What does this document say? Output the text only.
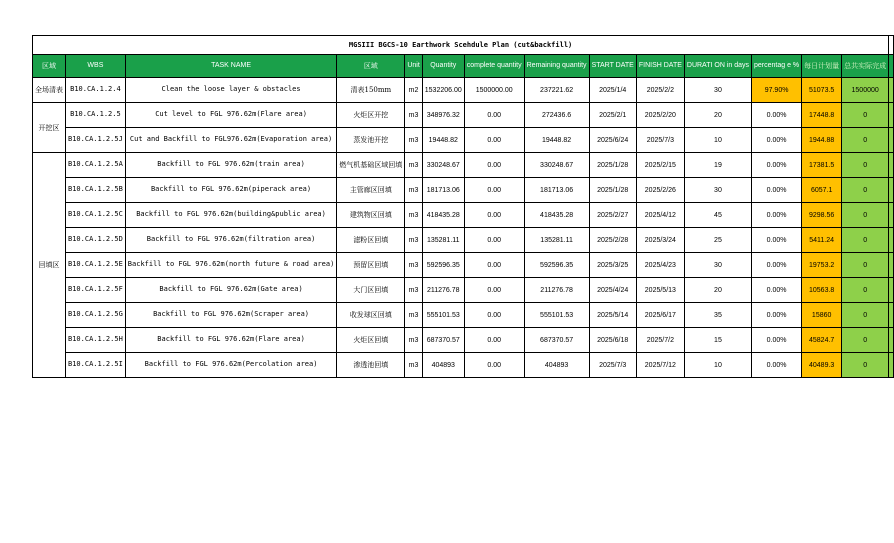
MGSIII BGCS-10 Earthwork Scehdule Plan (cut&backfill)														
区域	WBS	TASK NAME	区域	Unit	Quantity	complete quantity	Remaining quantity	START DATE	FINISH DATE	DURATI ON in days	percentag e %	每日计划量	总共实际完成	
全场清表	B10.CA.1.2.4	Clean the loose layer & obstacles	清表150mm	m2	1532206.00	1500000.00	237221.62	2025/1/4	2025/2/2	30	97.90%	51073.5	1500000	
开挖区	B10.CA.1.2.5	Cut level to FGL 976.62m(Flare area)	火炬区开挖	m3	348976.32	0.00	272436.6	2025/2/1	2025/2/20	20	0.00%	17448.8	0	
	B10.CA.1.2.5J	Cut and Backfill to FGL976.62m(Evaporation area)	蒸发池开挖	m3	19448.82	0.00	19448.82	2025/6/24	2025/7/3	10	0.00%	1944.88	0	
回填区	B10.CA.1.2.5A	Backfill to FGL 976.62m(train area)	燃气机基础区域回填	m3	330248.67	0.00	330248.67	2025/1/28	2025/2/15	19	0.00%	17381.5	0	
	B10.CA.1.2.5B	Backfill to FGL 976.62m(piperack area)	主管廊区回填	m3	181713.06	0.00	181713.06	2025/1/28	2025/2/26	30	0.00%	6057.1	0	
	B10.CA.1.2.5C	Backfill to FGL 976.62m(building&public area)	建筑物区回填	m3	418435.28	0.00	418435.28	2025/2/27	2025/4/12	45	0.00%	9298.56	0	
	B10.CA.1.2.5D	Backfill to FGL 976.62m(filtration area)	滤粉区回填	m3	135281.11	0.00	135281.11	2025/2/28	2025/3/24	25	0.00%	5411.24	0	
	B10.CA.1.2.5E	Backfill to FGL 976.62m(north future & road area)	预留区回填	m3	592596.35	0.00	592596.35	2025/3/25	2025/4/23	30	0.00%	19753.2	0	
	B10.CA.1.2.5F	Backfill to FGL 976.62m(Gate area)	大门区回填	m3	211276.78	0.00	211276.78	2025/4/24	2025/5/13	20	0.00%	10563.8	0	
	B10.CA.1.2.5G	Backfill to FGL 976.62m(Scraper area)	收发球区回填	m3	555101.53	0.00	555101.53	2025/5/14	2025/6/17	35	0.00%	15860	0	
	B10.CA.1.2.5H	Backfill to FGL 976.62m(Flare area)	火炬区回填	m3	687370.57	0.00	687370.57	2025/6/18	2025/7/2	15	0.00%	45824.7	0	
	B10.CA.1.2.5I	Backfill to FGL 976.62m(Percolation area)	渗透池回填	m3	404893	0.00	404893	2025/7/3	2025/7/12	10	0.00%	40489.3	0	
